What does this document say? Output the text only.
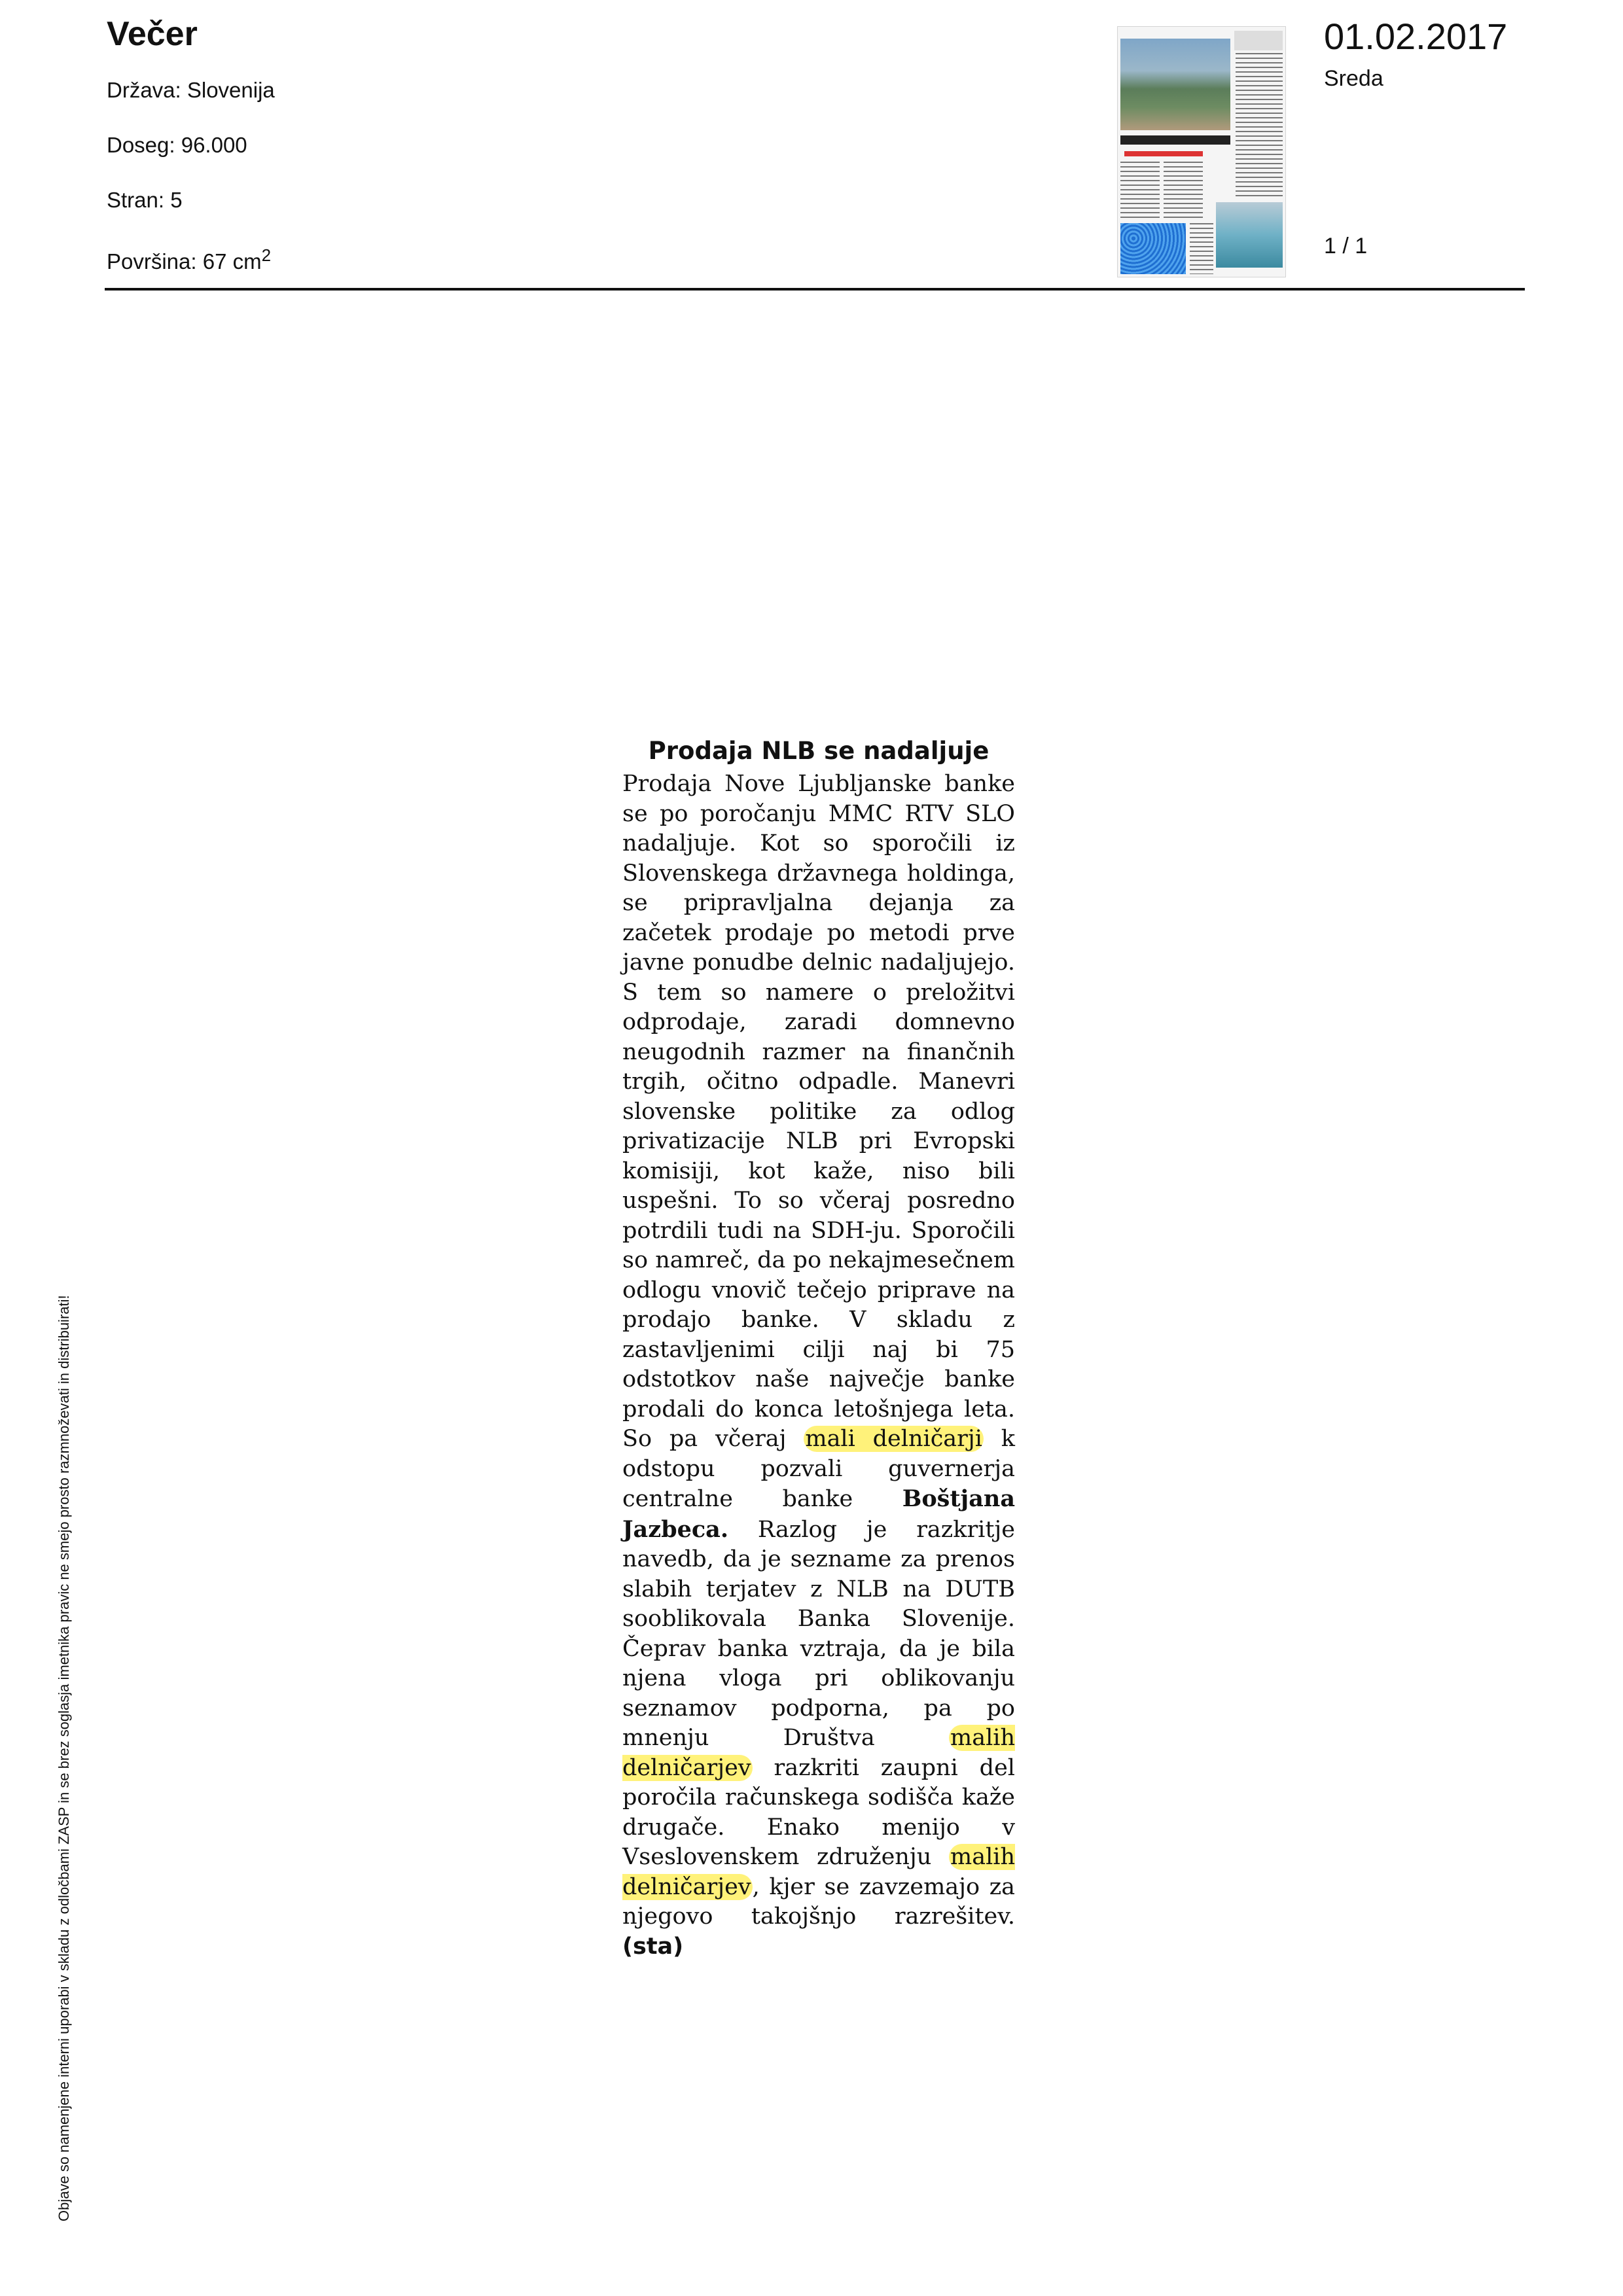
Večer
Država: Slovenija
Doseg: 96.000
Stran: 5
Površina: 67 $cm^2$
01.02.2017
Sreda
1 / 1
Prodaja NLB se nadaljuje

Prodaja Nove Ljubljanske banke se po poročanju MMC RTV SLO nadaljuje. Kot so sporočili iz Slovenskega državnega holdinga, se pripravljalna dejanja za začetek prodaje po metodi prve javne ponudbe delnic nadaljujejo. S tem so namere o preložitvi odprodaje, zaradi domnevno neugodnih razmer na finančnih trgih, očitno odpadle. Manevri slovenske politike za odlog privatizacije NLB pri Evropski komisiji, kot kaže, niso bili uspešni. To so včeraj posredno potrdili tudi na SDH-ju. Sporočili so namreč, da po nekajmesečnem odlogu vnovič tečejo priprave na prodajo banke. V skladu z zastavljenimi cilji naj bi 75 odstotkov naše največje banke prodali do konca letošnjega leta. So pa včeraj mali delničarji k odstopu pozvali guvernerja centralne banke Boštjana Jazbeca. Razlog je razkritje navedb, da je sezname za prenos slabih terjatev z NLB na DUTB sooblikovala Banka Slovenije. Čeprav banka vztraja, da je bila njena vloga pri oblikovanju seznamov podporna, pa po mnenju Društva malih delničarjev razkriti zaupni del poročila računskega sodišča kaže drugače. Enako menijo v Vseslovenskem združenju malih delničarjev, kjer se zavzemajo za njegovo takojšnjo razrešitev. (sta)

Objave so namenjene interni uporabi v skladu z odločbami ZASP in se brez soglasja imetnika pravic ne smejo prosto razmnoževati in distribuirati!
